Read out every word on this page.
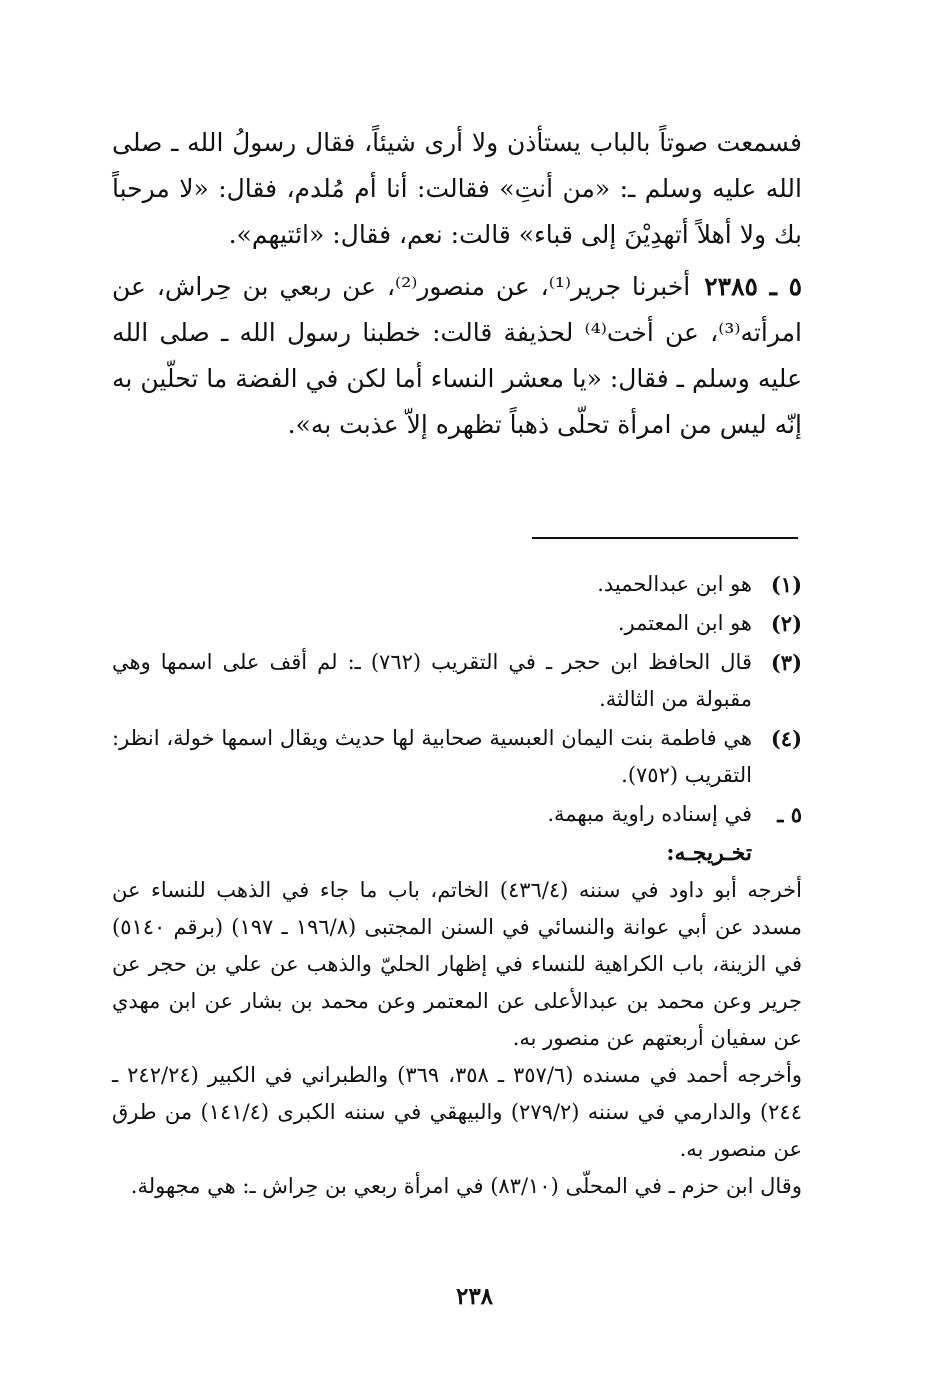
فسمعت صوتاً بالباب يستأذن ولا أرى شيئاً، فقال رسولُ الله ـ صلى الله عليه وسلم ـ: «من أنتِ» فقالت: أنا أم مُلدم، فقال: «لا مرحباً بك ولا أهلاً أتهدِيْنَ إلى قباء» قالت: نعم، فقال: «ائتيهم».

٥ ـ ٢٣٨٥أخبرنا جرير⁽¹⁾، عن منصور⁽²⁾، عن ربعي بن حِراش، عن امرأته⁽³⁾، عن أخت⁽⁴⁾ لحذيفة قالت: خطبنا رسول الله ـ صلى الله عليه وسلم ـ فقال: «يا معشر النساء أما لكن في الفضة ما تحلّين به إنّه ليس من امرأة تحلّى ذهباً تظهره إلاّ عذبت به».

(١)
هو ابن عبدالحميد.
(٢)
هو ابن المعتمر.
(٣)
قال الحافظ ابن حجر ـ في التقريب (٧٦٢) ـ: لم أقف على اسمها وهي مقبولة من الثالثة.
(٤)
هي فاطمة بنت اليمان العبسية صحابية لها حديث ويقال اسمها خولة، انظر: التقريب (٧٥٢).
٥ ـ
في إسناده راوية مبهمة.
تخـريجـه:

أخرجه أبو داود في سننه (٤٣٦/٤) الخاتم، باب ما جاء في الذهب للنساء عن مسدد عن أبي عوانة والنسائي في السنن المجتبى (١٩٦/٨ ـ ١٩٧) (برقم ٥١٤٠) في الزينة، باب الكراهية للنساء في إظهار الحليّ والذهب عن علي بن حجر عن جرير وعن محمد بن عبدالأعلى عن المعتمر وعن محمد بن بشار عن ابن مهدي عن سفيان أربعتهم عن منصور به.

وأخرجه أحمد في مسنده (٣٥٧/٦ ـ ٣٥٨، ٣٦٩) والطبراني في الكبير (٢٤٢/٢٤ ـ ٢٤٤) والدارمي في سننه (٢٧٩/٢) والبيهقي في سننه الكبرى (١٤١/٤) من طرق عن منصور به.

وقال ابن حزم ـ في المحلّى (٨٣/١٠) في امرأة ربعي بن حِراش ـ: هي مجهولة.

٢٣٨
